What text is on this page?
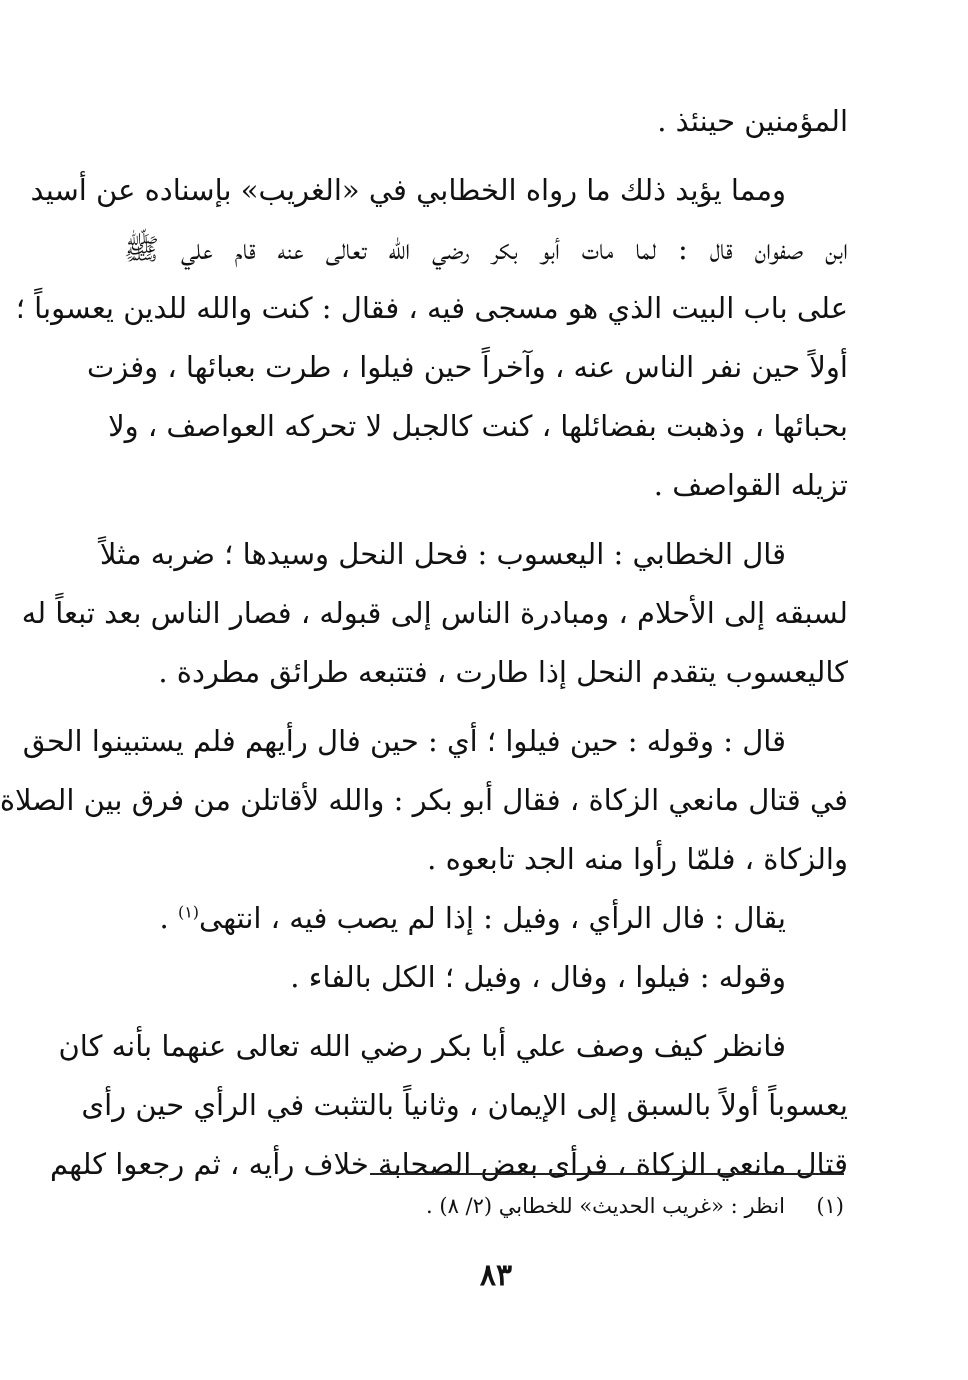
المؤمنين حينئذ .
ومما يؤيد ذلك ما رواه الخطابي في «الغريب» بإسناده عن أسيد
ابن صفوان قال : لما مات أبو بكر رضي الله تعالى عنه قام علي ﷺ
على باب البيت الذي هو مسجى فيه ، فقال : كنت والله للدين يعسوباً ؛
أولاً حين نفر الناس عنه ، وآخراً حين فيلوا ، طرت بعبائها ، وفزت
بحبائها ، وذهبت بفضائلها ، كنت كالجبل لا تحركه العواصف ، ولا
تزيله القواصف .
قال الخطابي : اليعسوب : فحل النحل وسيدها ؛ ضربه مثلاً
لسبقه إلى الأحلام ، ومبادرة الناس إلى قبوله ، فصار الناس بعد تبعاً له
كاليعسوب يتقدم النحل إذا طارت ، فتتبعه طرائق مطردة .
قال : وقوله : حين فيلوا ؛ أي : حين فال رأيهم فلم يستبينوا الحق
في قتال مانعي الزكاة ، فقال أبو بكر : والله لأقاتلن من فرق بين الصلاة
والزكاة ، فلمّا رأوا منه الجد تابعوه .
يقال : فال الرأي ، وفيل : إذا لم يصب فيه ، انتهى$^{(١)}$ .
وقوله : فيلوا ، وفال ، وفيل ؛ الكل بالفاء .
فانظر كيف وصف علي أبا بكر رضي الله تعالى عنهما بأنه كان
يعسوباً أولاً بالسبق إلى الإيمان ، وثانياً بالتثبت في الرأي حين رأى
قتال مانعي الزكاة ، فرأى بعض الصحابة خلاف رأيه ، ثم رجعوا كلهم
(١)  انظر : «غريب الحديث» للخطابي (٢/ ٨) .
٨٣
